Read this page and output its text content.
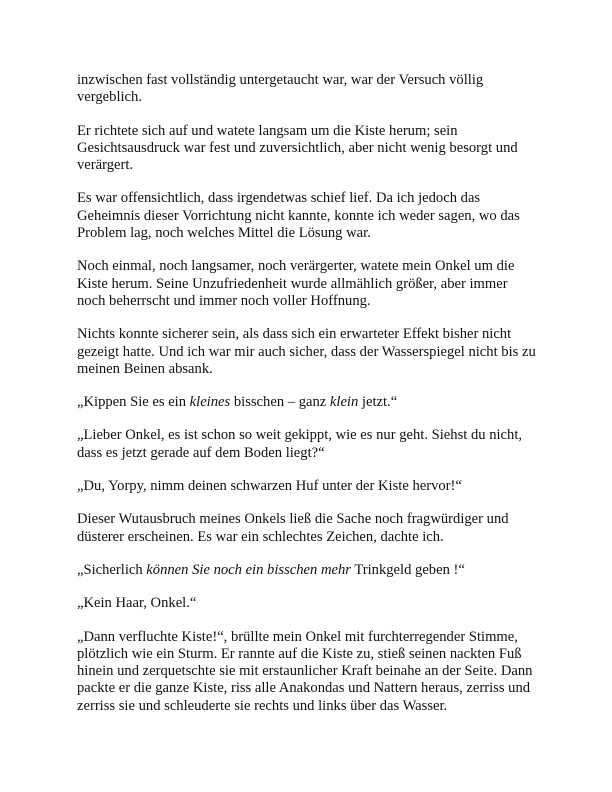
inzwischen fast vollständig untergetaucht war, war der Versuch völlig vergeblich.

Er richtete sich auf und watete langsam um die Kiste herum; sein Gesichtsausdruck war fest und zuversichtlich, aber nicht wenig besorgt und verärgert.

Es war offensichtlich, dass irgendetwas schief lief. Da ich jedoch das Geheimnis dieser Vorrichtung nicht kannte, konnte ich weder sagen, wo das Problem lag, noch welches Mittel die Lösung war.

Noch einmal, noch langsamer, noch verärgerter, watete mein Onkel um die Kiste herum. Seine Unzufriedenheit wurde allmählich größer, aber immer noch beherrscht und immer noch voller Hoffnung.

Nichts konnte sicherer sein, als dass sich ein erwarteter Effekt bisher nicht gezeigt hatte. Und ich war mir auch sicher, dass der Wasserspiegel nicht bis zu meinen Beinen absank.

„Kippen Sie es ein kleines bisschen – ganz klein jetzt.“

„Lieber Onkel, es ist schon so weit gekippt, wie es nur geht. Siehst du nicht, dass es jetzt gerade auf dem Boden liegt?“

„Du, Yorpy, nimm deinen schwarzen Huf unter der Kiste hervor!“

Dieser Wutausbruch meines Onkels ließ die Sache noch fragwürdiger und düsterer erscheinen. Es war ein schlechtes Zeichen, dachte ich.

„Sicherlich können Sie noch ein bisschen mehr Trinkgeld geben !“

„Kein Haar, Onkel.“

„Dann verfluchte Kiste!“, brüllte mein Onkel mit furchterregender Stimme, plötzlich wie ein Sturm. Er rannte auf die Kiste zu, stieß seinen nackten Fuß hinein und zerquetschte sie mit erstaunlicher Kraft beinahe an der Seite. Dann packte er die ganze Kiste, riss alle Anakondas und Nattern heraus, zerriss und zerriss sie und schleuderte sie rechts und links über das Wasser.
